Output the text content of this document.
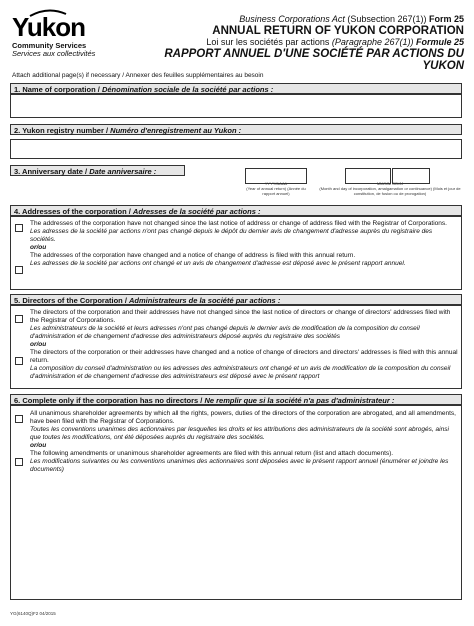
Yukon
Community Services
Services aux collectivités
Business Corporations Act (Subsection 267(1)) Form 25
ANNUAL RETURN OF YUKON CORPORATION
Loi sur les sociétés par actions (Paragraphe 267(1)) Formule 25
RAPPORT ANNUEL D'UNE SOCIÉTÉ PAR ACTIONS DU YUKON
Attach additional page(s) if necessary / Annexer des feuilles supplémentaires au besoin
1. Name of corporation / Dénomination sociale de la société par actions :
2. Yukon registry number / Numéro d'enregistrement au Yukon :
3. Anniversary date / Date anniversaire :
YYYY/AAAA
(Year of annual return) (Année du rapport annuel)
MM/MM DD/JJ
(Month and day of incorporation, amalgamation or continuance) (Mois et jour de constitution, de fusion ou de prorogation)
4. Addresses of the corporation / Adresses de la société par actions :
The addresses of the corporation have not changed since the last notice of address or change of address filed with the Registrar of Corporations.
Les adresses de la société par actions n'ont pas changé depuis le dépôt du dernier avis de changement d'adresse auprès du registraire des sociétés.
or/ou
The addresses of the corporation have changed and a notice of change of address is filed with this annual return.
Les adresses de la société par actions ont changé et un avis de changement d'adresse est déposé avec le présent rapport annuel.
5. Directors of the Corporation / Administrateurs de la société par actions :
The directors of the corporation and their addresses have not changed since the last notice of directors or change of directors' addresses filed with the Registrar of Corporations.
Les administrateurs de la société et leurs adresses n'ont pas changé depuis le dernier avis de modification de la composition du conseil d'administration et de changement d'adresse des administrateurs déposé auprès du registraire des sociétés
or/ou
The directors of the corporation or their addresses have changed and a notice of change of directors and directors' addresses is filed with this annual return.
La composition du conseil d'administration ou les adresses des administrateurs ont changé et un avis de modification de la composition du conseil d'administration et de changement d'adresse des administrateurs est déposé avec le présent rapport
6. Complete only if the corporation has no directors / Ne remplir que si la société n'a pas d'administrateur :
All unanimous shareholder agreements by which all the rights, powers, duties of the directors of the corporation are abrogated, and all amendments, have been filed with the Registrar of Corporations.
Toutes les conventions unanimes des actionnaires par lesquelles les droits et les attributions des administrateurs de la société sont abrogés, ainsi que toutes les modifications, ont été déposées auprès du registraire des sociétés.
or/ou
The following amendments or unanimous shareholder agreements are filed with this annual return (list and attach documents).
Les modifications suivantes ou les conventions unanimes des actionnaires sont déposées avec le présent rapport annuel (énumérer et joindre les documents)
YG(6140Q)F2 04/2015
